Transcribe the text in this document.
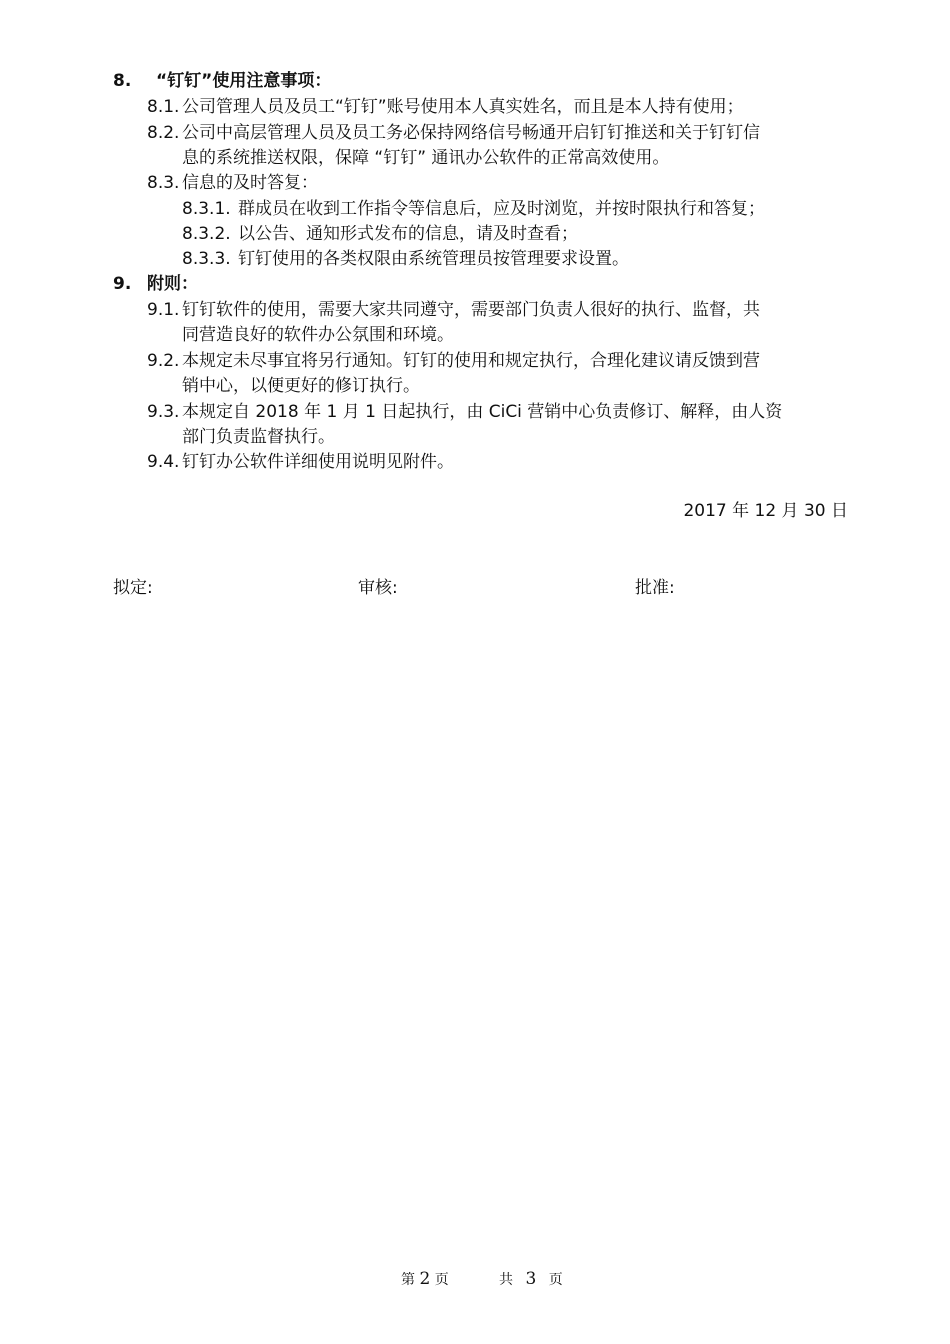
8. “钉钉”使用注意事项：
8.1. 公司管理人员及员工“钉钉”账号使用本人真实姓名，而且是本人持有使用；
8.2. 公司中高层管理人员及员工务必保持网络信号畅通开启钉钉推送和关于钉钉信
息的系统推送权限，保障 “钉钉” 通讯办公软件的正常高效使用。
8.3. 信息的及时答复：
8.3.1. 群成员在收到工作指令等信息后，应及时浏览，并按时限执行和答复；
8.3.2. 以公告、通知形式发布的信息，请及时查看；
8.3.3. 钉钉使用的各类权限由系统管理员按管理要求设置。
9. 附则：
9.1. 钉钉软件的使用，需要大家共同遵守，需要部门负责人很好的执行、监督，共
同营造良好的软件办公氛围和环境。
9.2. 本规定未尽事宜将另行通知。钉钉的使用和规定执行，合理化建议请反馈到营
销中心，以便更好的修订执行。
9.3. 本规定自 2018 年 1 月 1 日起执行，由 CiCi 营销中心负责修订、解释，由人资
部门负责监督执行。
9.4. 钉钉办公软件详细使用说明见附件。
2017 年 12 月 30 日
拟定:	审核:	批准:
第 2 页	共 3 页
